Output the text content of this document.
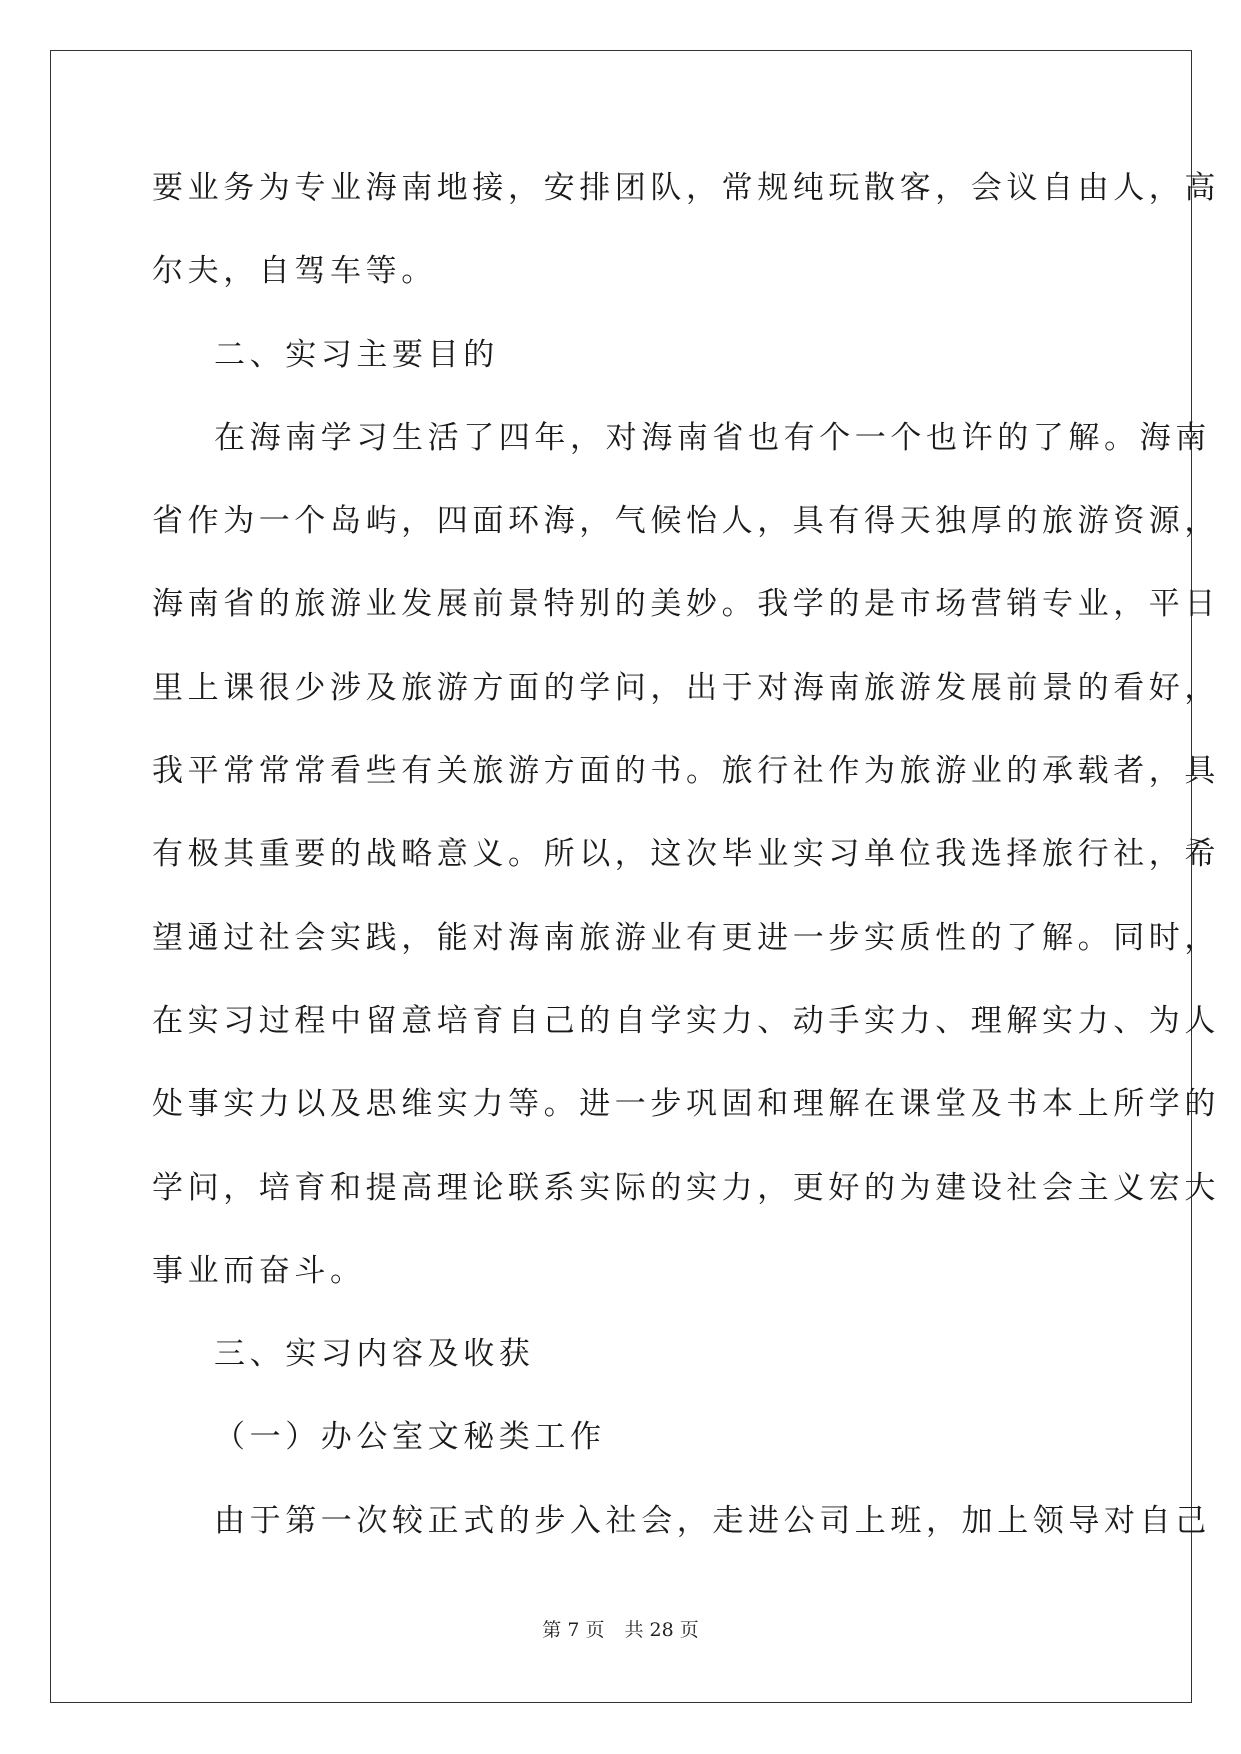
要业务为专业海南地接，安排团队，常规纯玩散客，会议自由人，高

尔夫，自驾车等。

二、实习主要目的

在海南学习生活了四年，对海南省也有个一个也许的了解。海南

省作为一个岛屿，四面环海，气候怡人，具有得天独厚的旅游资源，

海南省的旅游业发展前景特别的美妙。我学的是市场营销专业，平日

里上课很少涉及旅游方面的学问，出于对海南旅游发展前景的看好，

我平常常常看些有关旅游方面的书。旅行社作为旅游业的承载者，具

有极其重要的战略意义。所以，这次毕业实习单位我选择旅行社，希

望通过社会实践，能对海南旅游业有更进一步实质性的了解。同时，

在实习过程中留意培育自己的自学实力、动手实力、理解实力、为人

处事实力以及思维实力等。进一步巩固和理解在课堂及书本上所学的

学问，培育和提高理论联系实际的实力，更好的为建设社会主义宏大

事业而奋斗。

三、实习内容及收获

（一）办公室文秘类工作

由于第一次较正式的步入社会，走进公司上班，加上领导对自己

第 7 页 共 28 页
